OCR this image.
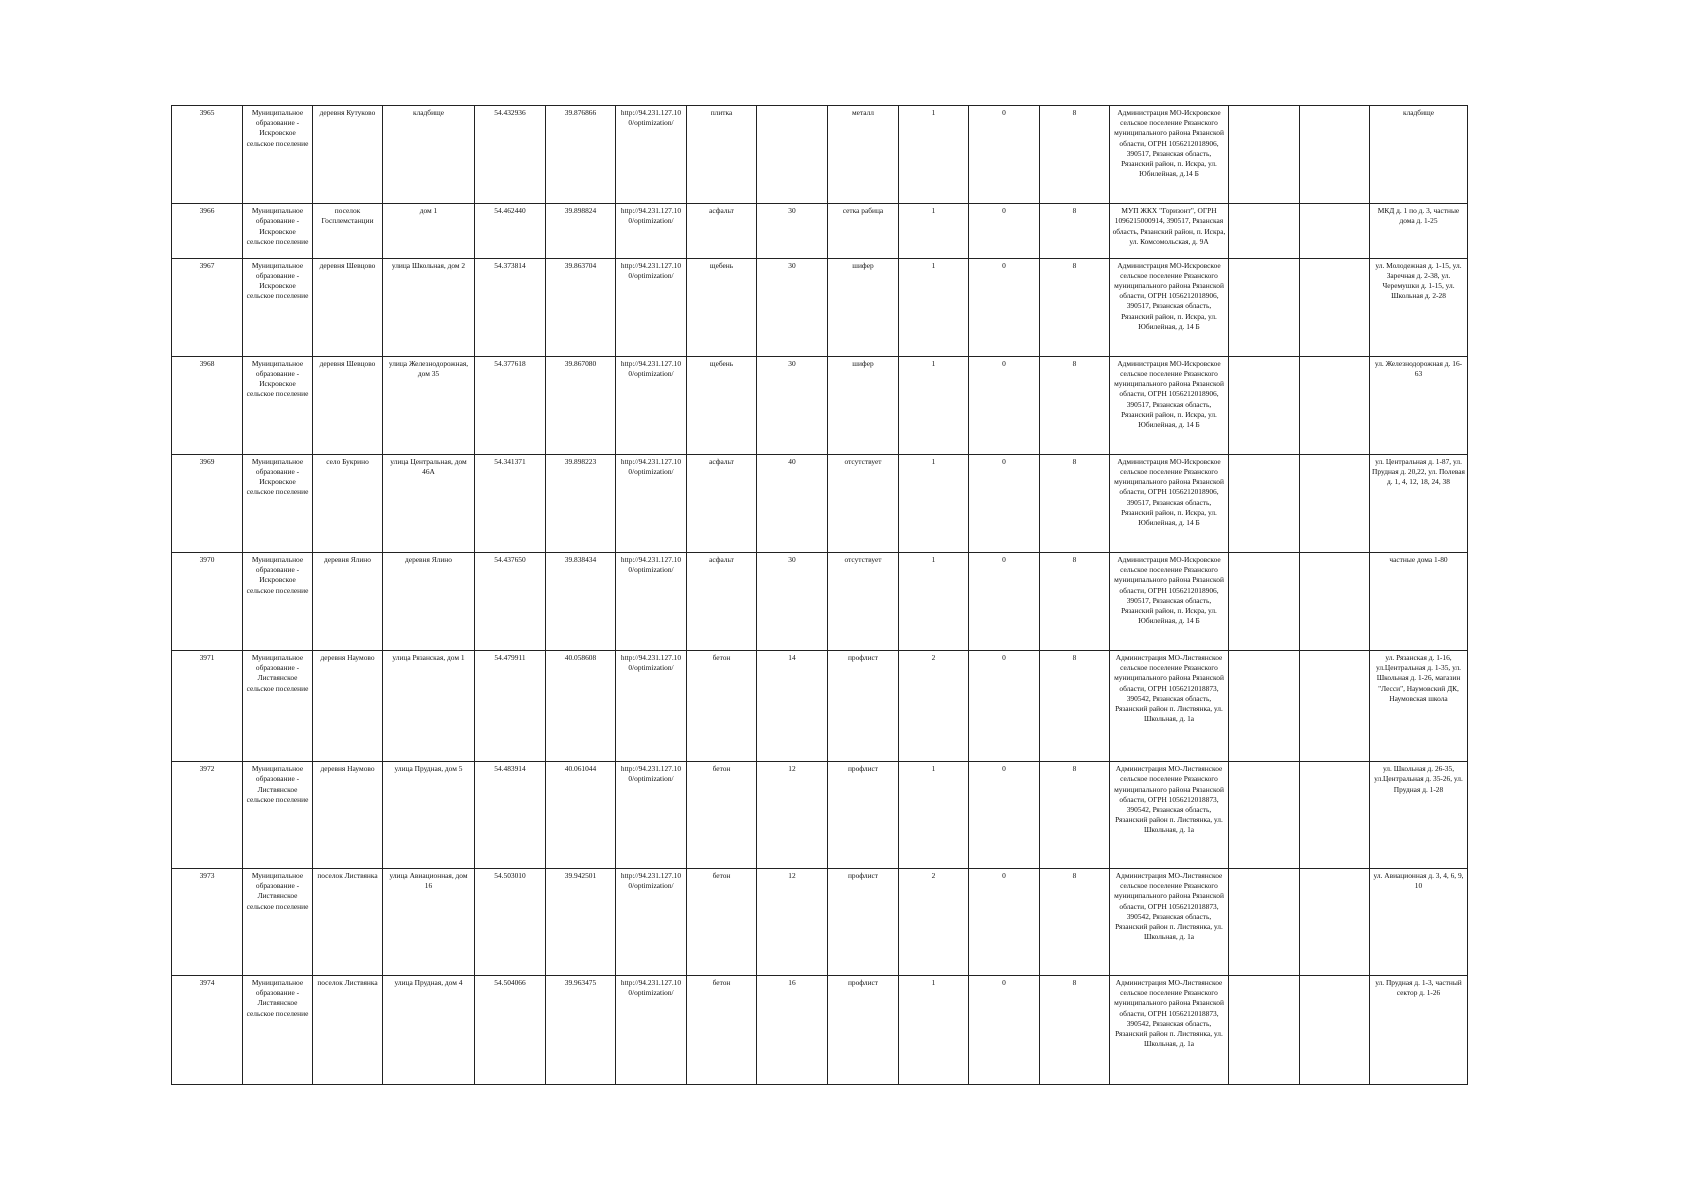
3965	Муниципальное образование - Искровское сельское поселение	деревня Кутуково	кладбище	54.432936	39.876866	http://94.231.127.10 0/optimization/	плитка		металл	1	0	8	Администрация МО-Искровское сельское поселение Рязанского муниципального района Рязанской области, ОГРН 1056212018906, 390517, Рязанская область, Рязанский район, п. Искра, ул. Юбилейная, д.14 Б			кладбище
3966	Муниципальное образование - Искровское сельское поселение	поселок Госплемстанции	дом 1	54.462440	39.898824	http://94.231.127.10 0/optimization/	асфальт	30	сетка рабица	1	0	8	МУП ЖКХ "Горизонт", ОГРН 1096215000914, 390517, Рязанская область, Рязанский район, п. Искра, ул. Комсомольская, д. 9А			МКД д. 1 по д. 3, частные дома д. 1-25
3967	Муниципальное образование - Искровское сельское поселение	деревня Шевцово	улица Школьная, дом 2	54.373814	39.863704	http://94.231.127.10 0/optimization/	щебень	30	шифер	1	0	8	Администрация МО-Искровское сельское поселение Рязанского муниципального района Рязанской области, ОГРН 1056212018906, 390517, Рязанская область, Рязанский район, п. Искра, ул. Юбилейная, д. 14 Б			ул. Молодежная д. 1-15, ул. Заречная д. 2-38, ул. Черемушки д. 1-15, ул. Школьная д. 2-28
3968	Муниципальное образование - Искровское сельское поселение	деревня Шевцово	улица Железнодорожная, дом 35	54.377618	39.867080	http://94.231.127.10 0/optimization/	щебень	30	шифер	1	0	8	Администрация МО-Искровское сельское поселение Рязанского муниципального района Рязанской области, ОГРН 1056212018906, 390517, Рязанская область, Рязанский район, п. Искра, ул. Юбилейная, д. 14 Б			ул. Железнодорожная д. 16-63
3969	Муниципальное образование - Искровское сельское поселение	село Букрино	улица Центральная, дом 46А	54.341371	39.898223	http://94.231.127.10 0/optimization/	асфальт	40	отсутствует	1	0	8	Администрация МО-Искровское сельское поселение Рязанского муниципального района Рязанской области, ОГРН 1056212018906, 390517, Рязанская область, Рязанский район, п. Искра, ул. Юбилейная, д. 14 Б			ул. Центральная д. 1-87, ул. Прудная д. 20,22, ул. Полевая д. 1, 4, 12, 18, 24, 38
3970	Муниципальное образование - Искровское сельское поселение	деревня Ялино	деревня Ялино	54.437650	39.838434	http://94.231.127.10 0/optimization/	асфальт	30	отсутствует	1	0	8	Администрация МО-Искровское сельское поселение Рязанского муниципального района Рязанской области, ОГРН 1056212018906, 390517, Рязанская область, Рязанский район, п. Искра, ул. Юбилейная, д. 14 Б			частные дома 1-80
3971	Муниципальное образование - Листвянское сельское поселение	деревня Наумово	улица Рязанская, дом 1	54.479911	40.058608	http://94.231.127.10 0/optimization/	бетон	14	профлист	2	0	8	Администрация МО-Листвянское сельское поселение Рязанского муниципального района Рязанской области, ОГРН 1056212018873, 390542, Рязанская область, Рязанский район п. Листвянка, ул. Школьная, д. 1а			ул. Рязанская д. 1-16, ул.Центральная д. 1-35, ул. Школьная д. 1-26, магазин "Лесси", Наумовский ДК, Наумовская школа
3972	Муниципальное образование - Листвянское сельское поселение	деревня Наумово	улица Прудная, дом 5	54.483914	40.061044	http://94.231.127.10 0/optimization/	бетон	12	профлист	1	0	8	Администрация МО-Листвянское сельское поселение Рязанского муниципального района Рязанской области, ОГРН 1056212018873, 390542, Рязанская область, Рязанский район п. Листвянка, ул. Школьная, д. 1а			ул. Школьная д. 26-35, ул.Центральная д. 35-26, ул. Прудная д. 1-28
3973	Муниципальное образование - Листвянское сельское поселение	поселок Листвянка	улица Авиационная, дом 16	54.503010	39.942501	http://94.231.127.10 0/optimization/	бетон	12	профлист	2	0	8	Администрация МО-Листвянское сельское поселение Рязанского муниципального района Рязанской области, ОГРН 1056212018873, 390542, Рязанская область, Рязанский район п. Листвянка, ул. Школьная, д. 1а			ул. Авиационная д. 3, 4, 6, 9, 10
3974	Муниципальное образование - Листвянское сельское поселение	поселок Листвянка	улица Прудная, дом 4	54.504066	39.963475	http://94.231.127.10 0/optimization/	бетон	16	профлист	1	0	8	Администрация МО-Листвянское сельское поселение Рязанского муниципального района Рязанской области, ОГРН 1056212018873, 390542, Рязанская область, Рязанский район п. Листвянка, ул. Школьная, д. 1а			ул. Прудная д. 1-3, частный сектор д. 1-26
